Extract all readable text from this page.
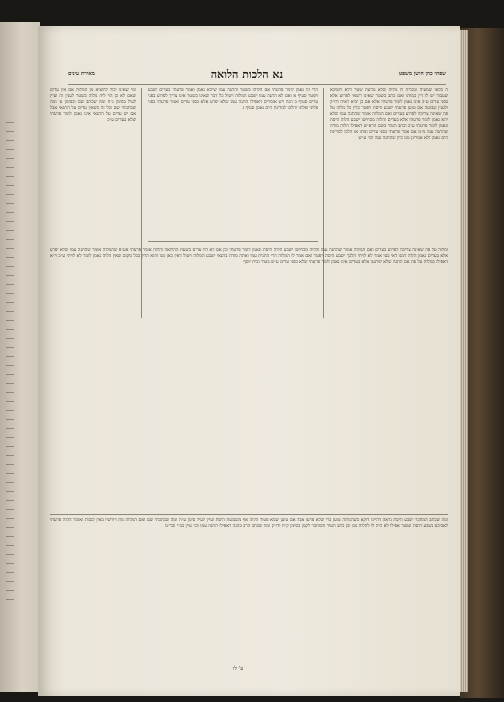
שפתי כהן חושן משפט
נא הלכות הלואה
מאירת עינים

ה בלאו שמעיה ומגליה לו מלוה שלא מדעת שטר דלא חשיבא שעבוד יש לו דין כמותו ואם כתב בשטר שאינו רשאי לפרוע אלא בפני עדים ע״כ אינו נאמן לומר פרעתי אלא אם כן יביא ראיה ודו״ק ולענין שבועה אם טוען פרעתי ישבע היסת ויפטר כדין כל מלוה על פה שאינה צריכה לפרוע בעדים ואם המלוה אומר שהתנה עמו שלא יהא נאמן לומר פרעתי אלא בעדים והלוה מכחישו ישבע הלוה היסת ונאמן לומר פרעתי ע״כ וכתב הטור בשם הרא״ש דאפילו הלוה מודה שהתנה עמו מ״מ אם אמר פרעתי בפני עדים ומתו או הלכו למדינת הים נאמן ולא אמרינן מגו כיון שהתנה עמו וכו׳ ע״ש

הרי זה נאמן לומר פרעתי אם הלוהו בשטר והתנה עמו שיהא נאמן ואמר פרעתי בעדים ישבע ויפטר סעיף א ואם לא התנה עמו ישבע המלוה ויטול כל דבר שאינו בשטר אינו צריך לפרוע בפני עדים סעיף ב הגה ויש אומרים דאפילו התנה עמו שלא יפרע אלא בפני עדים ואמר פרעתי בפני פלוני ופלוני והלכו למדינת הים נאמן סעיף ג

ומי שאינו יכול להוציא מן המלוה אם אין עדים שאם לא כן הוי ליה מלוה בשטר לענין זה ועיין לעיל בסימן נ״ח ומה שכתב שם ובסימן ע׳ ומה שכתבתי שם וכל זה כשאין עדים על התנאי אבל אם יש עדים על התנאי אינו נאמן לומר פרעתי שלא בעדים ע״כ

ומלוה על פה שאינה צריכה לפרוע בעדים ואם המלוה אומר שהתנה עמו והלוה מכחישו ישבע הלוה היסת ונאמן לומר פרעתי וכן אם לא היו עדים בשעת ההלואה והלוה אומר פרעתי אע״פ שהמלוה אומר שהתנה עמו שלא יפרע אלא בעדים נאמן הלוה דמגו דאי בעי אמר לא לויתי הלכך ישבע היסת ויפטר ואם אמר לו המלוה הרי התנית עמי ואתה מודה בתנאי ישבע המלוה ויטול דאין כאן מגו והוא הדין בכל מקום שאין הלוה נאמן לומר לא לויתי ע״כ וי״א דאפילו במלוה על פה אם התנה שלא יפרענו אלא בעדים אינו נאמן לומר פרעתי שלא בפני עדים ע״ש בטור ובית יוסף

ומה שכתב המחבר ישבע היסת נראה דהיינו דוקא כשהמלוה טוען ברי שלא פרעו אבל אם טוען שמא פטור הלוה אף משבועת היסת ועיין לעיל סימן ע״ה ומה שכתבתי שם ואם המלוה מת ויורשיו באין לגבות ואומר הלוה פרעתי לאביכם נשבע היסת ונפטר אפילו לא היה לו להלוה מגו וכן כתב הטור והמחבר לקמן בסימן ק״ח ודו״ק ומה שכתב הרב בהגה דאפילו התנה עמו וכו׳ עיין בב״י ובד״מ

ע' לו
